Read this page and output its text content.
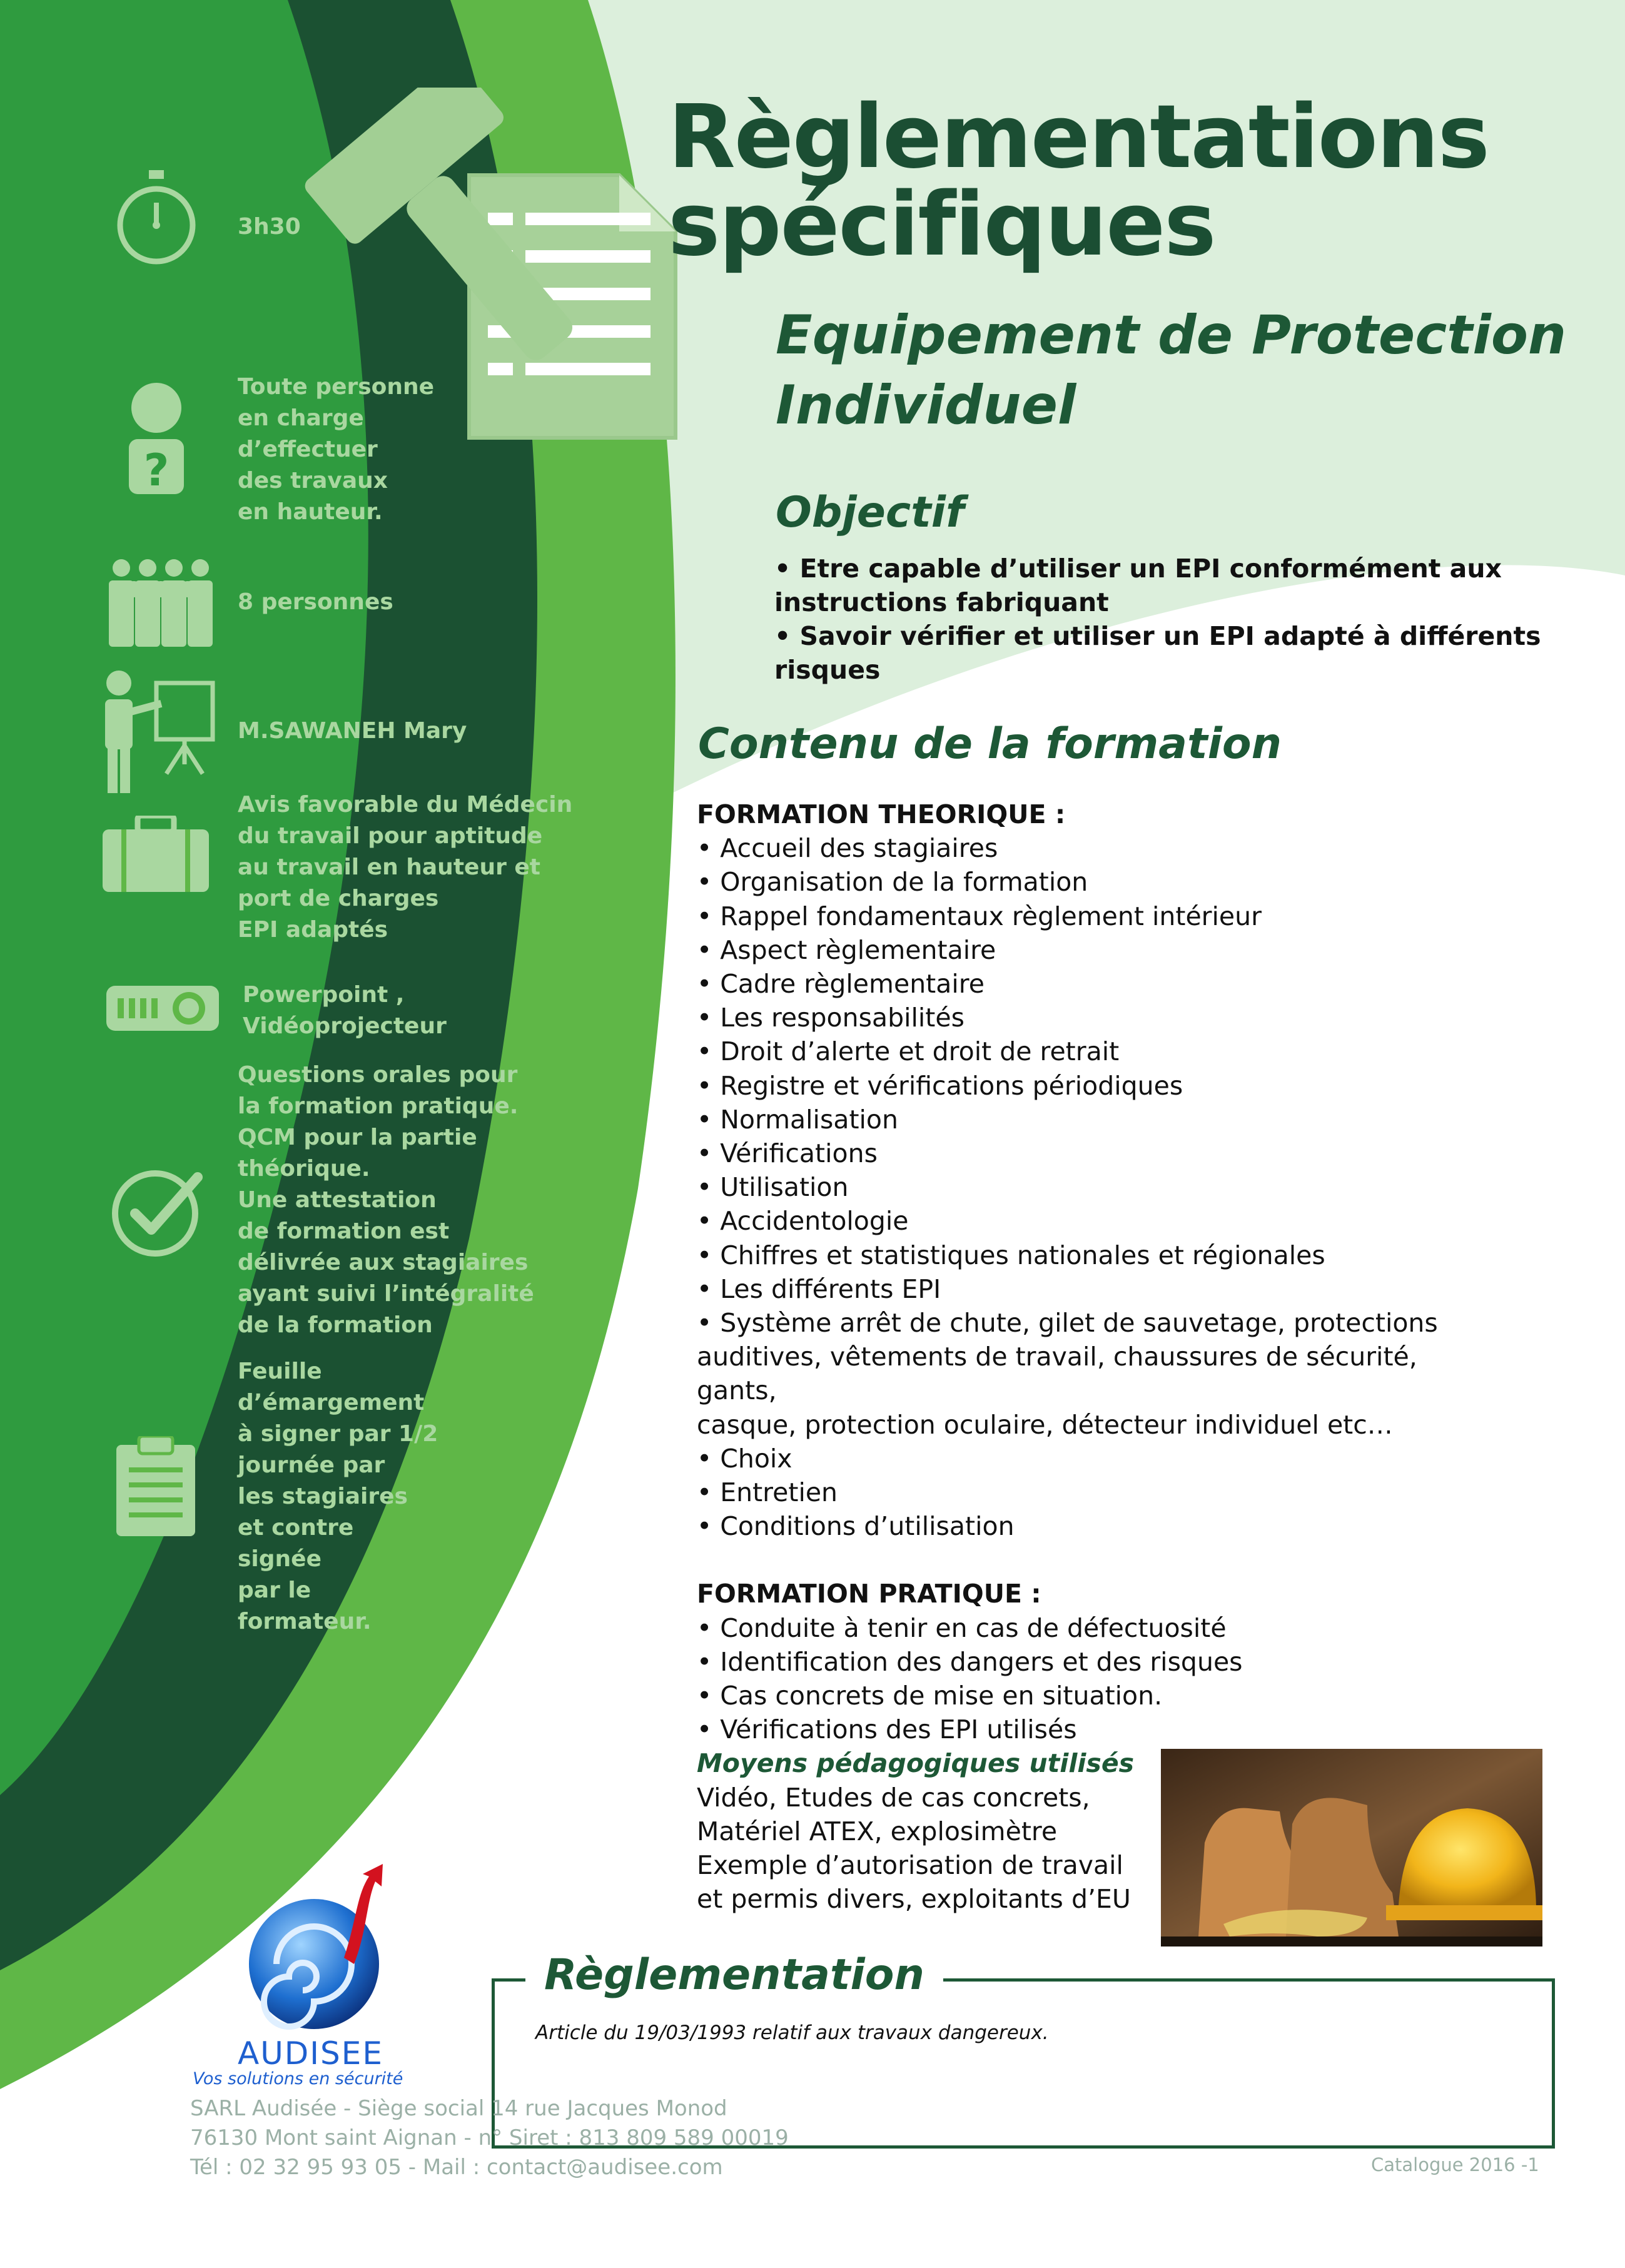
Règlementations
spécifiques
Equipement de Protection
Individuel
Objectif
• Etre capable d’utiliser un EPI conformément aux
instructions fabriquant
• Savoir vérifier et utiliser un EPI adapté à différents risques
Contenu de la formation
FORMATION THEORIQUE :
• Accueil des stagiaires
• Organisation de la formation
• Rappel fondamentaux règlement intérieur
• Aspect règlementaire
• Cadre règlementaire
• Les responsabilités
• Droit d’alerte et droit de retrait
• Registre et vérifications périodiques
• Normalisation
• Vérifications
• Utilisation
• Accidentologie
• Chiffres et statistiques nationales et régionales
• Les différents EPI
• Système arrêt de chute, gilet de sauvetage, protections
auditives, vêtements de travail, chaussures de sécurité, gants,
casque, protection oculaire, détecteur individuel etc…
• Choix
• Entretien
• Conditions d’utilisation
FORMATION PRATIQUE :
• Conduite à tenir en cas de défectuosité
• Identification des dangers et des risques
• Cas concrets de mise en situation.
• Vérifications des EPI utilisés
Moyens pédagogiques utilisés
Vidéo, Etudes de cas concrets,
Matériel ATEX, explosimètre
Exemple d’autorisation de travail
et permis divers, exploitants d’EU
3h30
?
Toute personne
en charge
d’effectuer
des travaux
en hauteur.
8 personnes
M.SAWANEH Mary
Avis favorable du Médecin
du travail pour aptitude
au travail en hauteur et
port de charges
EPI adaptés
Powerpoint ,
Vidéoprojecteur
Questions orales pour
la formation pratique.
QCM pour la partie
théorique.
Une attestation
de formation est
délivrée aux stagiaires
ayant suivi l’intégralité
de la formation
Feuille
d’émargement
à signer par 1/2
journée par
les stagiaires
et contre
signée
par le
formateur.
AUDISEE
Vos solutions en sécurité
Règlementation
Article du 19/03/1993 relatif aux travaux dangereux.
SARL Audisée - Siège social 14 rue Jacques Monod
76130 Mont saint Aignan - n° Siret : 813 809 589 00019
Tél : 02 32 95 93 05 - Mail : contact@audisee.com	Catalogue 2016 -1
